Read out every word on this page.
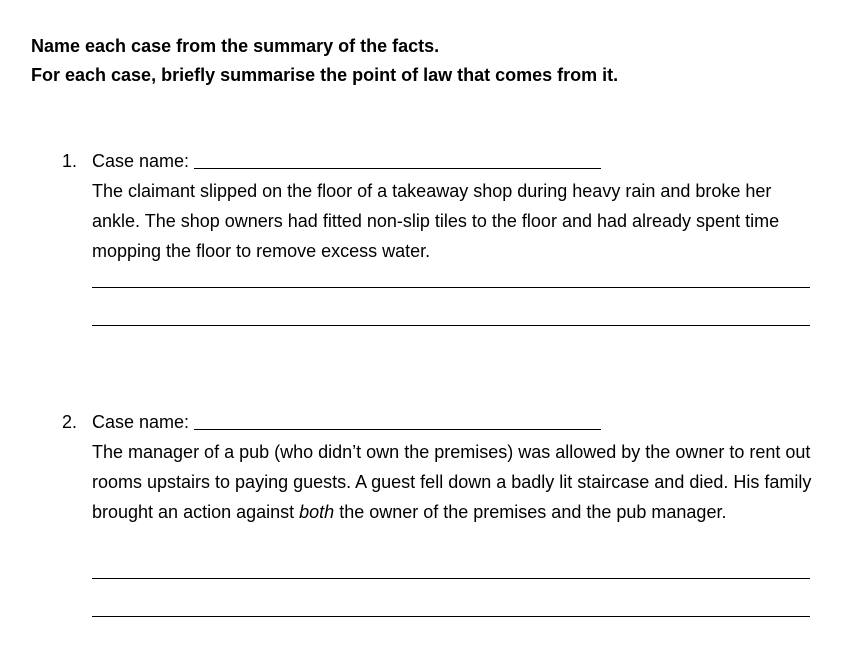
Name each case from the summary of the facts.

For each case, briefly summarise the point of law that comes from it.

1. Case name:

The claimant slipped on the floor of a takeaway shop during heavy rain and broke her ankle. The shop owners had fitted non-slip tiles to the floor and had already spent time mopping the floor to remove excess water.

2. Case name:

The manager of a pub (who didn’t own the premises) was allowed by the owner to rent out rooms upstairs to paying guests. A guest fell down a badly lit staircase and died. His family brought an action against both the owner of the premises and the pub manager.
